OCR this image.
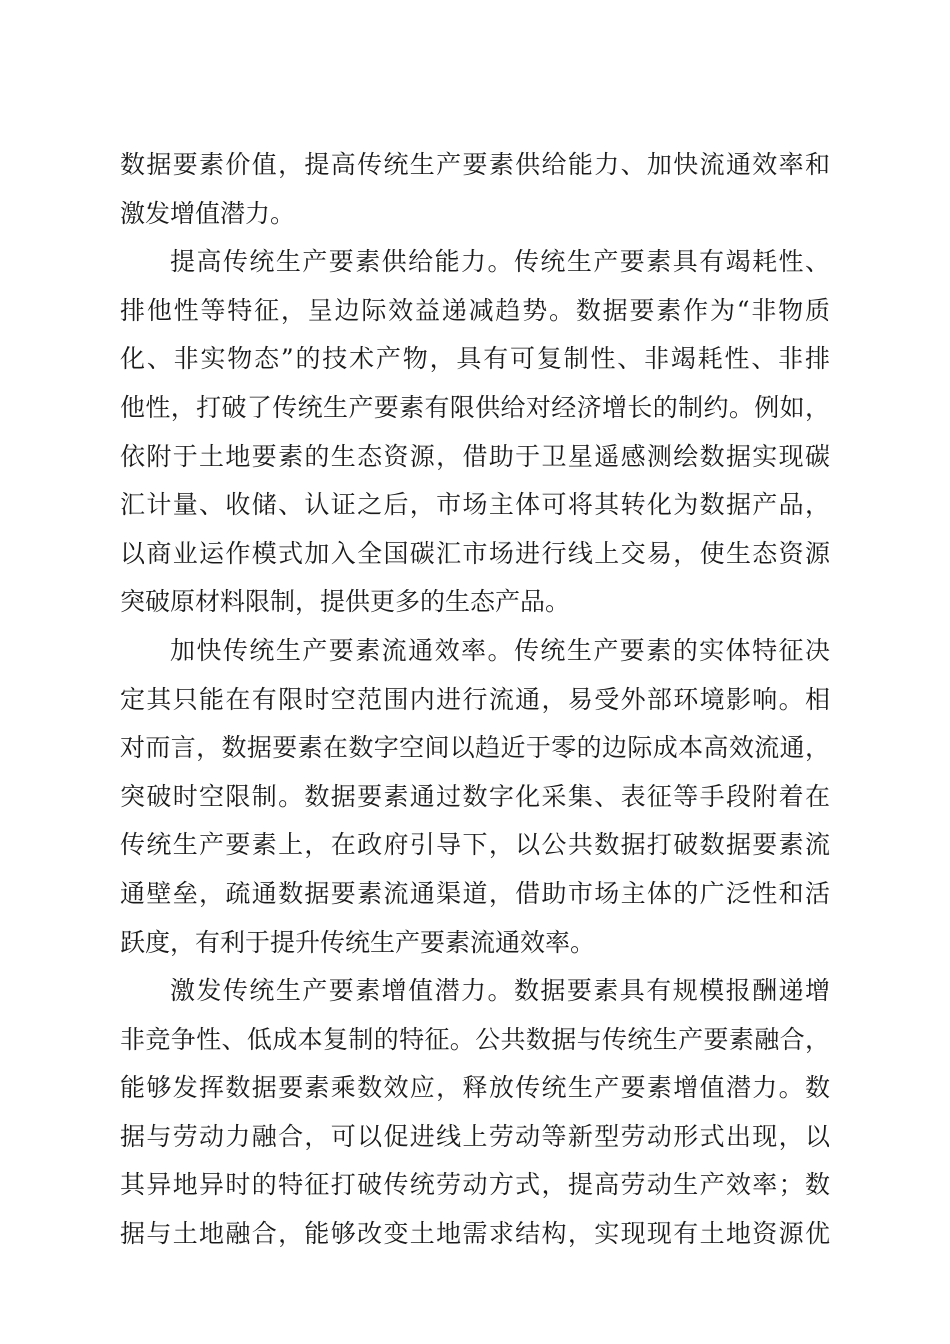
数据要素价值，提高传统生产要素供给能力、加快流通效率和
激发增值潜力。
提高传统生产要素供给能力。传统生产要素具有竭耗性、
排他性等特征，呈边际效益递减趋势。数据要素作为“非物质
化、非实物态”的技术产物，具有可复制性、非竭耗性、非排
他性，打破了传统生产要素有限供给对经济增长的制约。例如，
依附于土地要素的生态资源，借助于卫星遥感测绘数据实现碳
汇计量、收储、认证之后，市场主体可将其转化为数据产品，
以商业运作模式加入全国碳汇市场进行线上交易，使生态资源
突破原材料限制，提供更多的生态产品。
加快传统生产要素流通效率。传统生产要素的实体特征决
定其只能在有限时空范围内进行流通，易受外部环境影响。相
对而言，数据要素在数字空间以趋近于零的边际成本高效流通，
突破时空限制。数据要素通过数字化采集、表征等手段附着在
传统生产要素上，在政府引导下，以公共数据打破数据要素流
通壁垒，疏通数据要素流通渠道，借助市场主体的广泛性和活
跃度，有利于提升传统生产要素流通效率。
激发传统生产要素增值潜力。数据要素具有规模报酬递增
非竞争性、低成本复制的特征。公共数据与传统生产要素融合，
能够发挥数据要素乘数效应，释放传统生产要素增值潜力。数
据与劳动力融合，可以促进线上劳动等新型劳动形式出现，以
其异地异时的特征打破传统劳动方式，提高劳动生产效率；数
据与土地融合，能够改变土地需求结构，实现现有土地资源优
